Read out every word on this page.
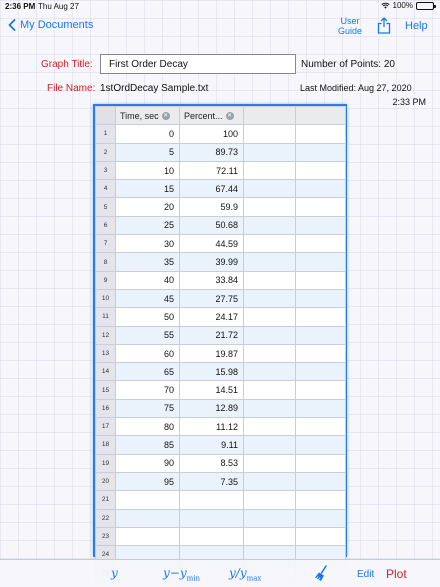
2:36 PM Thu Aug 27	100%
My Documents	User
Guide	Help
Graph Title:
First Order Decay	Number of Points: 20
File Name: 1stOrdDecay Sample.txt	Last Modified: Aug 27, 2020
2:33 PM
	Time, sec ✕	Percent... ✕		
1	0	100		
2	5	89.73		
3	10	72.11		
4	15	67.44		
5	20	59.9		
6	25	50.68		
7	30	44.59		
8	35	39.99		
9	40	33.84		
10	45	27.75		
11	50	24.17		
12	55	21.72		
13	60	19.87		
14	65	15.98		
15	70	14.51		
16	75	12.89		
17	80	11.12		
18	85	9.11		
19	90	8.53		
20	95	7.35		
21				
22				
23				
24				

y	$y-y_{min}$ $y/y_{max}$	Edit Plot
